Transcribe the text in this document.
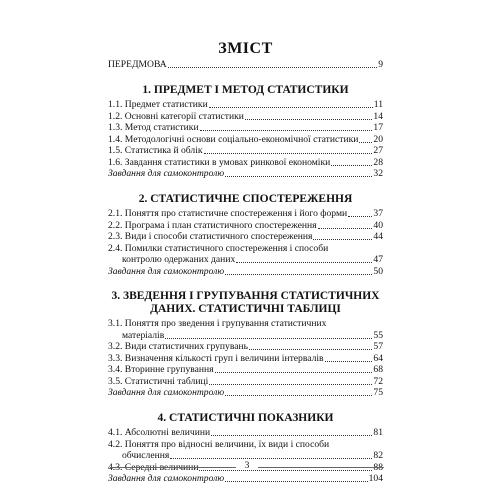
ЗМІСТ
ПЕРЕДМОВА	9
1. ПРЕДМЕТ І МЕТОД СТАТИСТИКИ
1.1. Предмет статистики	11
1.2. Основні категорії статистики	14
1.3. Метод статистики	17
1.4. Методологічні основи соціально-економічної статистики 20
1.5. Статистика й облік	27
1.6. Завдання статистики в умовах ринкової економіки	28
Завдання для самоконтролю	32
2. СТАТИСТИЧНЕ СПОСТЕРЕЖЕННЯ
2.1. Поняття про статистичне спостереження і його форми	37
2.2. Програма і план статистичного спостереження	40
2.3. Види і способи статистичного спостереження	44
2.4. Помилки статистичного спостереження і способи
контролю одержаних даних	47
Завдання для самоконтролю	50
3. ЗВЕДЕННЯ І ГРУПУВАННЯ СТАТИСТИЧНИХ
ДАНИХ. СТАТИСТИЧНІ ТАБЛИЦІ
3.1. Поняття про зведення і групування статистичних
матеріалів	55
3.2. Види статистичних групувань	57
3.3. Визначення кількості груп і величини інтервалів	64
3.4. Вторинне групування	68
3.5. Статистичні таблиці	72
Завдання для самоконтролю	75
4. СТАТИСТИЧНІ ПОКАЗНИКИ
4.1. Абсолютні величини	81
4.2. Поняття про відносні величини, їх види і способи
обчислення	82
4.3. Середні величини	88
Завдання для самоконтролю	104
3
